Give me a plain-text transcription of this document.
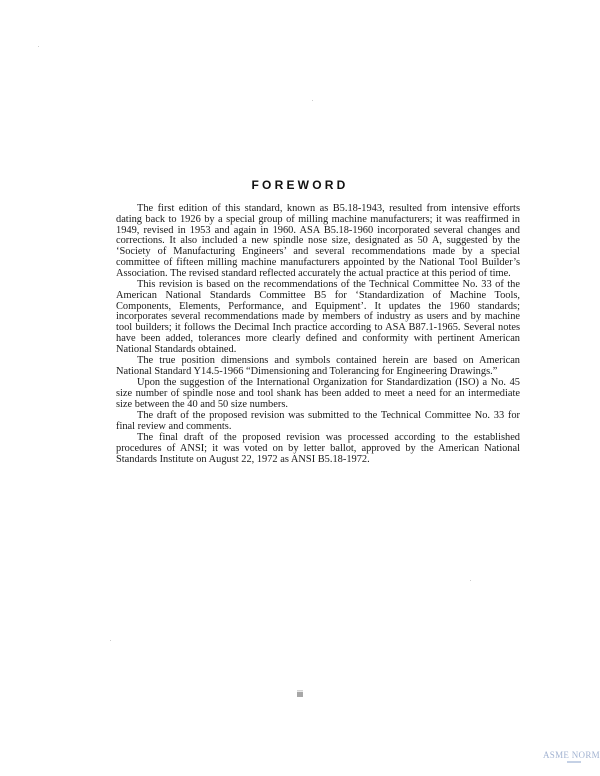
FOREWORD

The first edition of this standard, known as B5.18-1943, resulted from intensive efforts dating back to 1926 by a special group of milling machine manufacturers; it was reaffirmed in 1949, revised in 1953 and again in 1960. ASA B5.18-1960 incorporated several changes and corrections. It also included a new spindle nose size, designated as 50 A, suggested by the ‘Society of Manufacturing Engineers’ and several recommendations made by a special committee of fifteen milling machine manufacturers appointed by the National Tool Builder’s Association. The revised standard reflected accurately the actual practice at this period of time.

This revision is based on the recommendations of the Technical Committee No. 33 of the American National Standards Committee B5 for ‘Standardization of Machine Tools, Components, Elements, Performance, and Equipment’. It updates the 1960 standards; incorporates several recommendations made by members of industry as users and by machine tool builders; it follows the Decimal Inch practice according to ASA B87.1-1965. Several notes have been added, tolerances more clearly defined and conformity with pertinent American National Standards obtained.

The true position dimensions and symbols contained herein are based on American National Standard Y14.5-1966 “Dimensioning and Tolerancing for Engineering Drawings.”

Upon the suggestion of the International Organization for Standardization (ISO) a No. 45 size number of spindle nose and tool shank has been added to meet a need for an intermediate size between the 40 and 50 size numbers.

The draft of the proposed revision was submitted to the Technical Committee No. 33 for final review and comments.

The final draft of the proposed revision was processed according to the established procedures of ANSI; it was voted on by letter ballot, approved by the American National Standards Institute on August 22, 1972 as ANSI B5.18-1972.

iii
ASME NORM
